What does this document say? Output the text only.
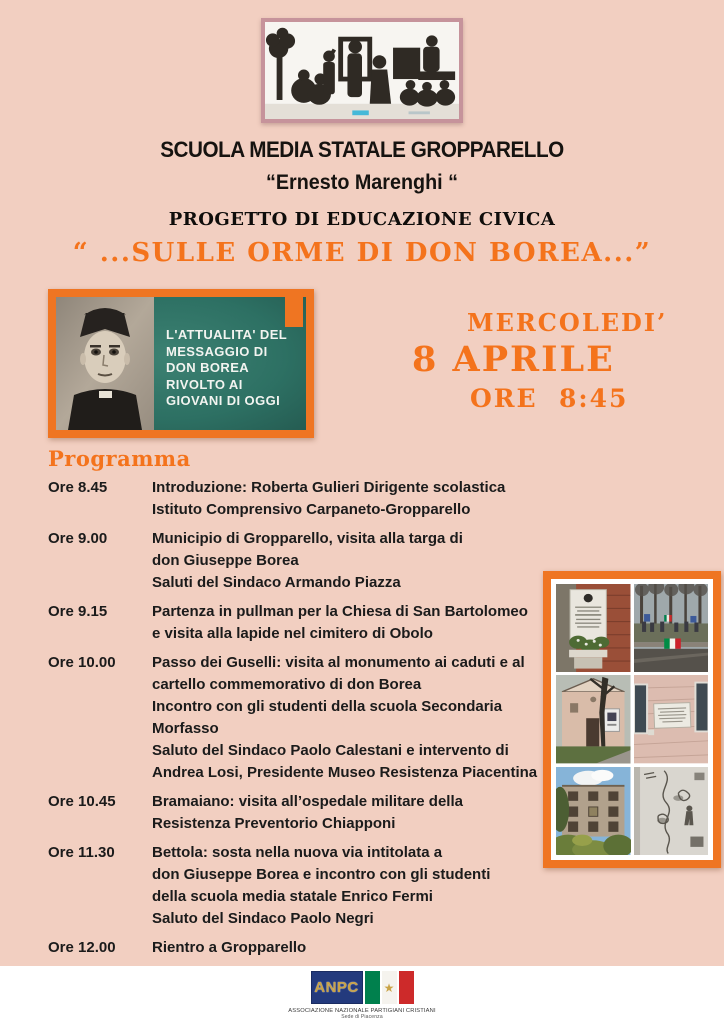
SCUOLA MEDIA STATALE GROPPARELLO
“Ernesto Marenghi “
PROGETTO DI EDUCAZIONE CIVICA
“ ...SULLE ORME DI DON BOREA...”
L'ATTUALITA' DEL
MESSAGGIO DI
DON BOREA
RIVOLTO AI
GIOVANI DI OGGI
MERCOLEDI’
8 APRILE
ORE  8:45
Programma
Ore 8.45	Introduzione: Roberta Gulieri Dirigente scolastica
Istituto Comprensivo Carpaneto-Gropparello
Ore 9.00	Municipio di Gropparello, visita alla targa di
don Giuseppe Borea
Saluti del Sindaco Armando Piazza
Ore 9.15	Partenza in pullman per la Chiesa di San Bartolomeo
e visita alla lapide nel cimitero di Obolo
Ore 10.00	Passo dei Guselli: visita al monumento ai caduti e al
cartello commemorativo di don Borea
Incontro con gli studenti della scuola Secondaria
Morfasso
Saluto del Sindaco Paolo Calestani e intervento di
Andrea Losi, Presidente Museo Resistenza Piacentina
Ore 10.45	Bramaiano: visita all’ospedale militare della
Resistenza Preventorio Chiapponi
Ore 11.30	Bettola: sosta nella nuova via intitolata a
don Giuseppe Borea e incontro con gli studenti
della scuola media statale Enrico Fermi
Saluto del Sindaco Paolo Negri
Ore 12.00	Rientro a Gropparello
ANPC	★
ASSOCIAZIONE NAZIONALE PARTIGIANI CRISTIANI
Sede di Piacenza
